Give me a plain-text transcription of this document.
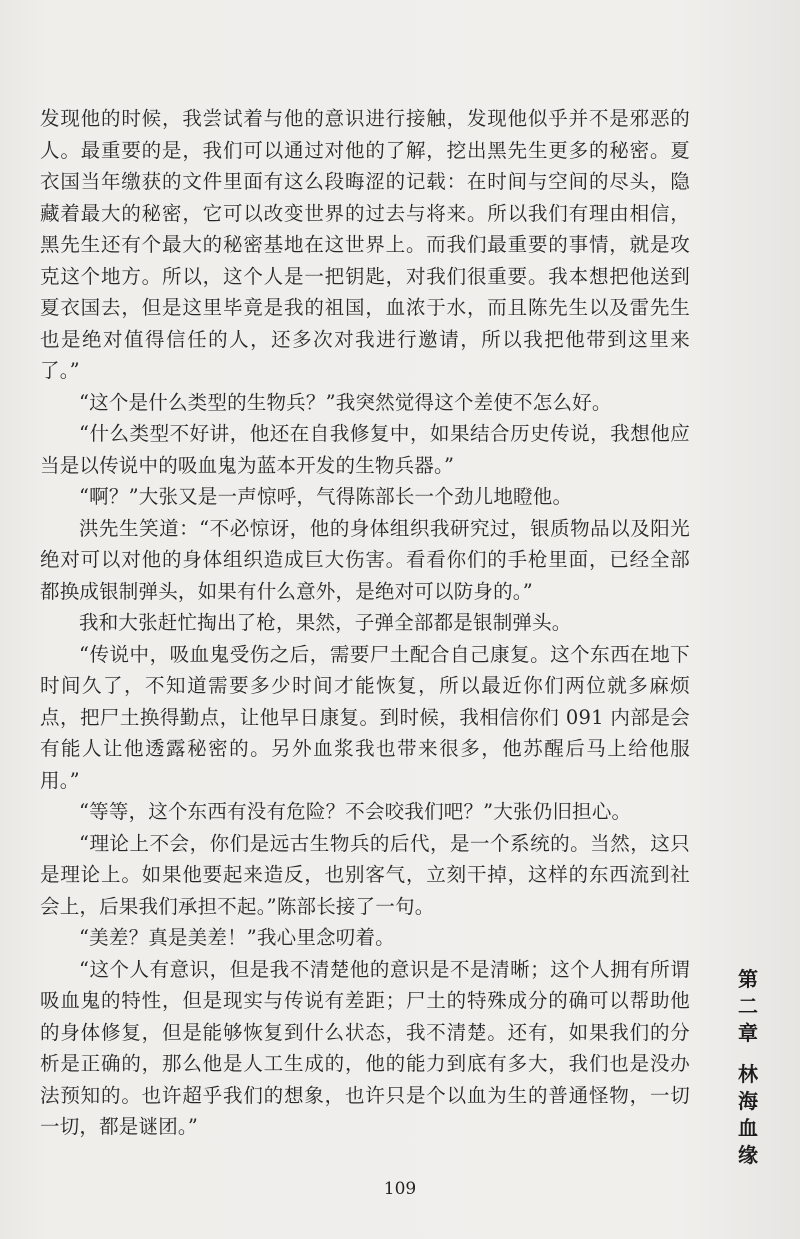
发现他的时候，我尝试着与他的意识进行接触，发现他似乎并不是邪恶的人。最重要的是，我们可以通过对他的了解，挖出黑先生更多的秘密。夏衣国当年缴获的文件里面有这么段晦涩的记载：在时间与空间的尽头，隐藏着最大的秘密，它可以改变世界的过去与将来。所以我们有理由相信，黑先生还有个最大的秘密基地在这世界上。而我们最重要的事情，就是攻克这个地方。所以，这个人是一把钥匙，对我们很重要。我本想把他送到夏衣国去，但是这里毕竟是我的祖国，血浓于水，而且陈先生以及雷先生也是绝对值得信任的人，还多次对我进行邀请，所以我把他带到这里来了。”

“这个是什么类型的生物兵？”我突然觉得这个差使不怎么好。

“什么类型不好讲，他还在自我修复中，如果结合历史传说，我想他应当是以传说中的吸血鬼为蓝本开发的生物兵器。”

“啊？”大张又是一声惊呼，气得陈部长一个劲儿地瞪他。

洪先生笑道：“不必惊讶，他的身体组织我研究过，银质物品以及阳光绝对可以对他的身体组织造成巨大伤害。看看你们的手枪里面，已经全部都换成银制弹头，如果有什么意外，是绝对可以防身的。”

我和大张赶忙掏出了枪，果然，子弹全部都是银制弹头。

“传说中，吸血鬼受伤之后，需要尸土配合自己康复。这个东西在地下时间久了，不知道需要多少时间才能恢复，所以最近你们两位就多麻烦点，把尸土换得勤点，让他早日康复。到时候，我相信你们 091 内部是会有能人让他透露秘密的。另外血浆我也带来很多，他苏醒后马上给他服用。”

“等等，这个东西有没有危险？不会咬我们吧？”大张仍旧担心。

“理论上不会，你们是远古生物兵的后代，是一个系统的。当然，这只是理论上。如果他要起来造反，也别客气，立刻干掉，这样的东西流到社会上，后果我们承担不起。”陈部长接了一句。

“美差？真是美差！”我心里念叨着。

“这个人有意识，但是我不清楚他的意识是不是清晰；这个人拥有所谓吸血鬼的特性，但是现实与传说有差距；尸土的特殊成分的确可以帮助他的身体修复，但是能够恢复到什么状态，我不清楚。还有，如果我们的分析是正确的，那么他是人工生成的，他的能力到底有多大，我们也是没办法预知的。也许超乎我们的想象，也许只是个以血为生的普通怪物，一切一切，都是谜团。”

第
二
章
林
海
血
缘
109
